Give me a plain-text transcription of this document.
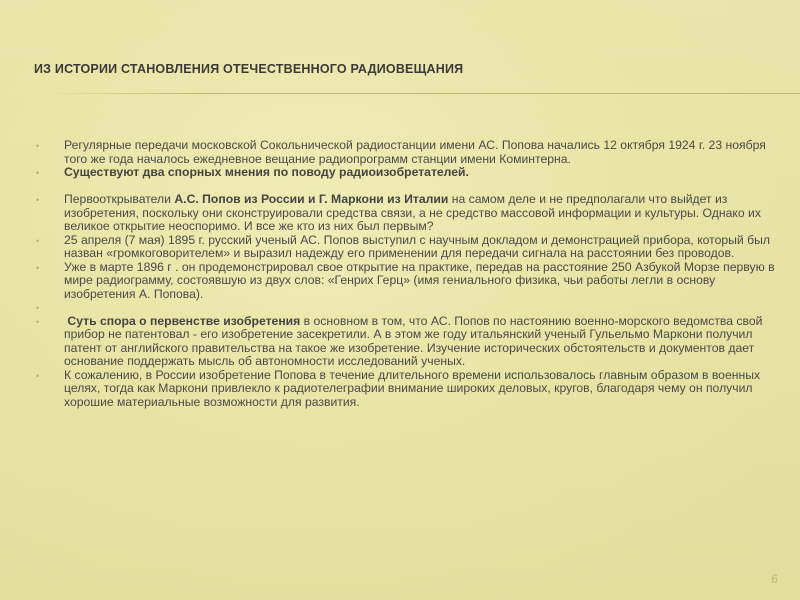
ИЗ ИСТОРИИ СТАНОВЛЕНИЯ ОТЕЧЕСТВЕННОГО РАДИОВЕЩАНИЯ
• Регулярные передачи московской Сокольнической радиостанции имени АС. Попова начались 12 октября 1924 г. 23 ноября того же года началось ежедневное вещание радиопрограмм станции имени Коминтерна.
• Существуют два спорных мнения по поводу радиоизобретателей.
• Первооткрыватели А.С. Попов из России и Г. Маркони из Италии на самом деле и не предполагали что выйдет из изобретения, поскольку они сконструировали средства связи, а не средство массовой информации и культуры. Однако их великое открытие неоспоримо. И все же кто из них был первым?
• 25 апреля (7 мая) 1895 г. русский ученый АС. Попов выступил с научным докладом и демонстрацией прибора, который был назван «громкоговорителем» и выразил надежду его применении для передачи сигнала на расстоянии без проводов.
• Уже в марте 1896 г . он продемонстрировал свое открытие на практике, передав на расстояние 250 Азбукой Морзе первую в мире радиограмму, состоявшую из двух слов: «Генрих Герц» (имя гениального физика, чьи работы легли в основу изобретения А. Попова).
•

• Суть спора о первенстве изобретения в основном в том, что АС. Попов по настоянию военно-морского ведомства свой прибор не патентовал - его изобретение засекретили. А в этом же году итальянский ученый Гульельмо Маркони получил патент от английского правительства на такое же изобретение. Изучение исторических обстоятельств и документов дает основание поддержать мысль об автономности исследований ученых.
• К сожалению, в России изобретение Попова в течение длительного времени использовалось главным образом в военных целях, тогда как Маркони привлекло к радиотелеграфии внимание широких деловых, кругов, благодаря чему он получил хорошие материальные возможности для развития.
6
